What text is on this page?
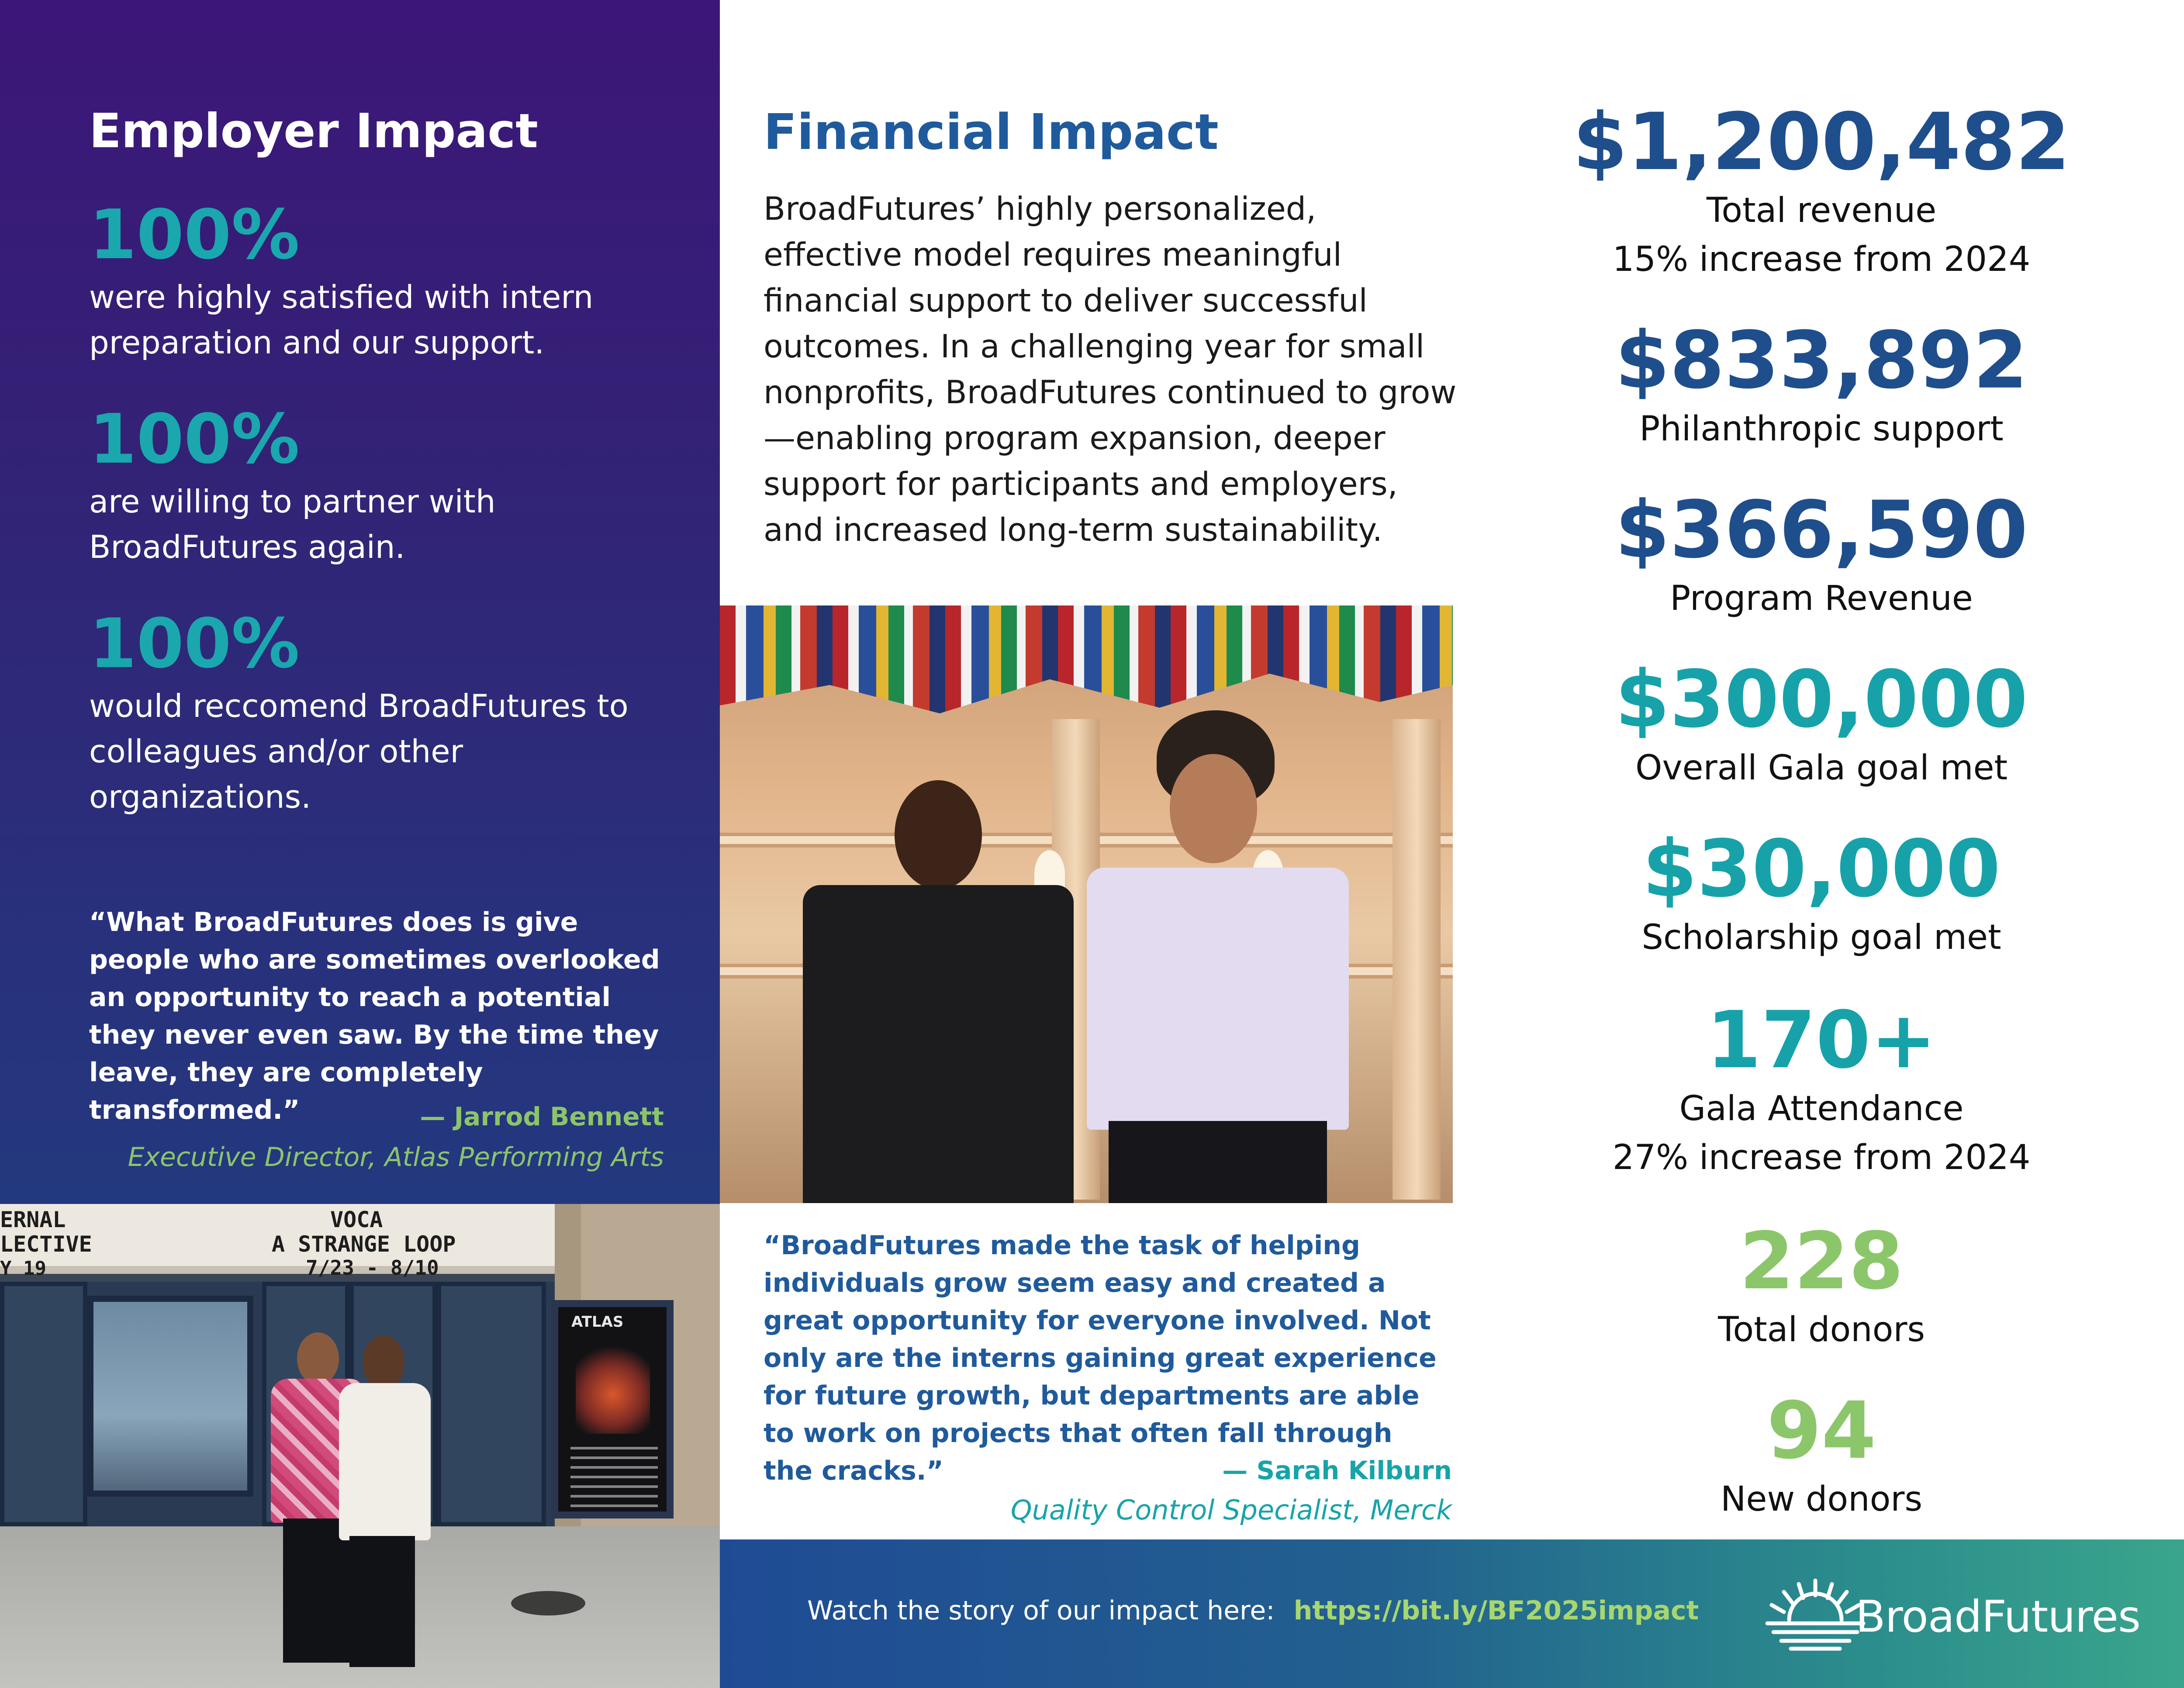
Employer Impact
100%
were highly satisfied with intern preparation and our support.
100%
are willing to partner with BroadFutures again.
100%
would reccomend BroadFutures to colleagues and/or other organizations.
“What BroadFutures does is give people who are sometimes overlooked an opportunity to reach a potential they never even saw. By the time they leave, they are completely transformed.”	— Jarrod Bennett
Executive Director, Atlas Performing Arts
ERNAL
LECTIVE
Y 19
VOCA
A STRANGE LOOP
7/23 - 8/10
ATLAS
Financial Impact
BroadFutures’ highly personalized, effective model requires meaningful financial support to deliver successful outcomes. In a challenging year for small nonprofits, BroadFutures continued to grow—enabling program expansion, deeper support for participants and employers, and increased long-term sustainability.
“BroadFutures made the task of helping individuals grow seem easy and created a great opportunity for everyone involved. Not only are the interns gaining great experience for future growth, but departments are able to work on projects that often fall through the cracks.”	— Sarah Kilburn
Quality Control Specialist, Merck
$1,200,482
Total revenue
15% increase from 2024
$833,892
Philanthropic support
$366,590
Program Revenue
$300,000
Overall Gala goal met
$30,000
Scholarship goal met
170+
Gala Attendance
27% increase from 2024
228
Total donors
94
New donors
Watch the story of our impact here: https://bit.ly/BF2025impact	BroadFutures
